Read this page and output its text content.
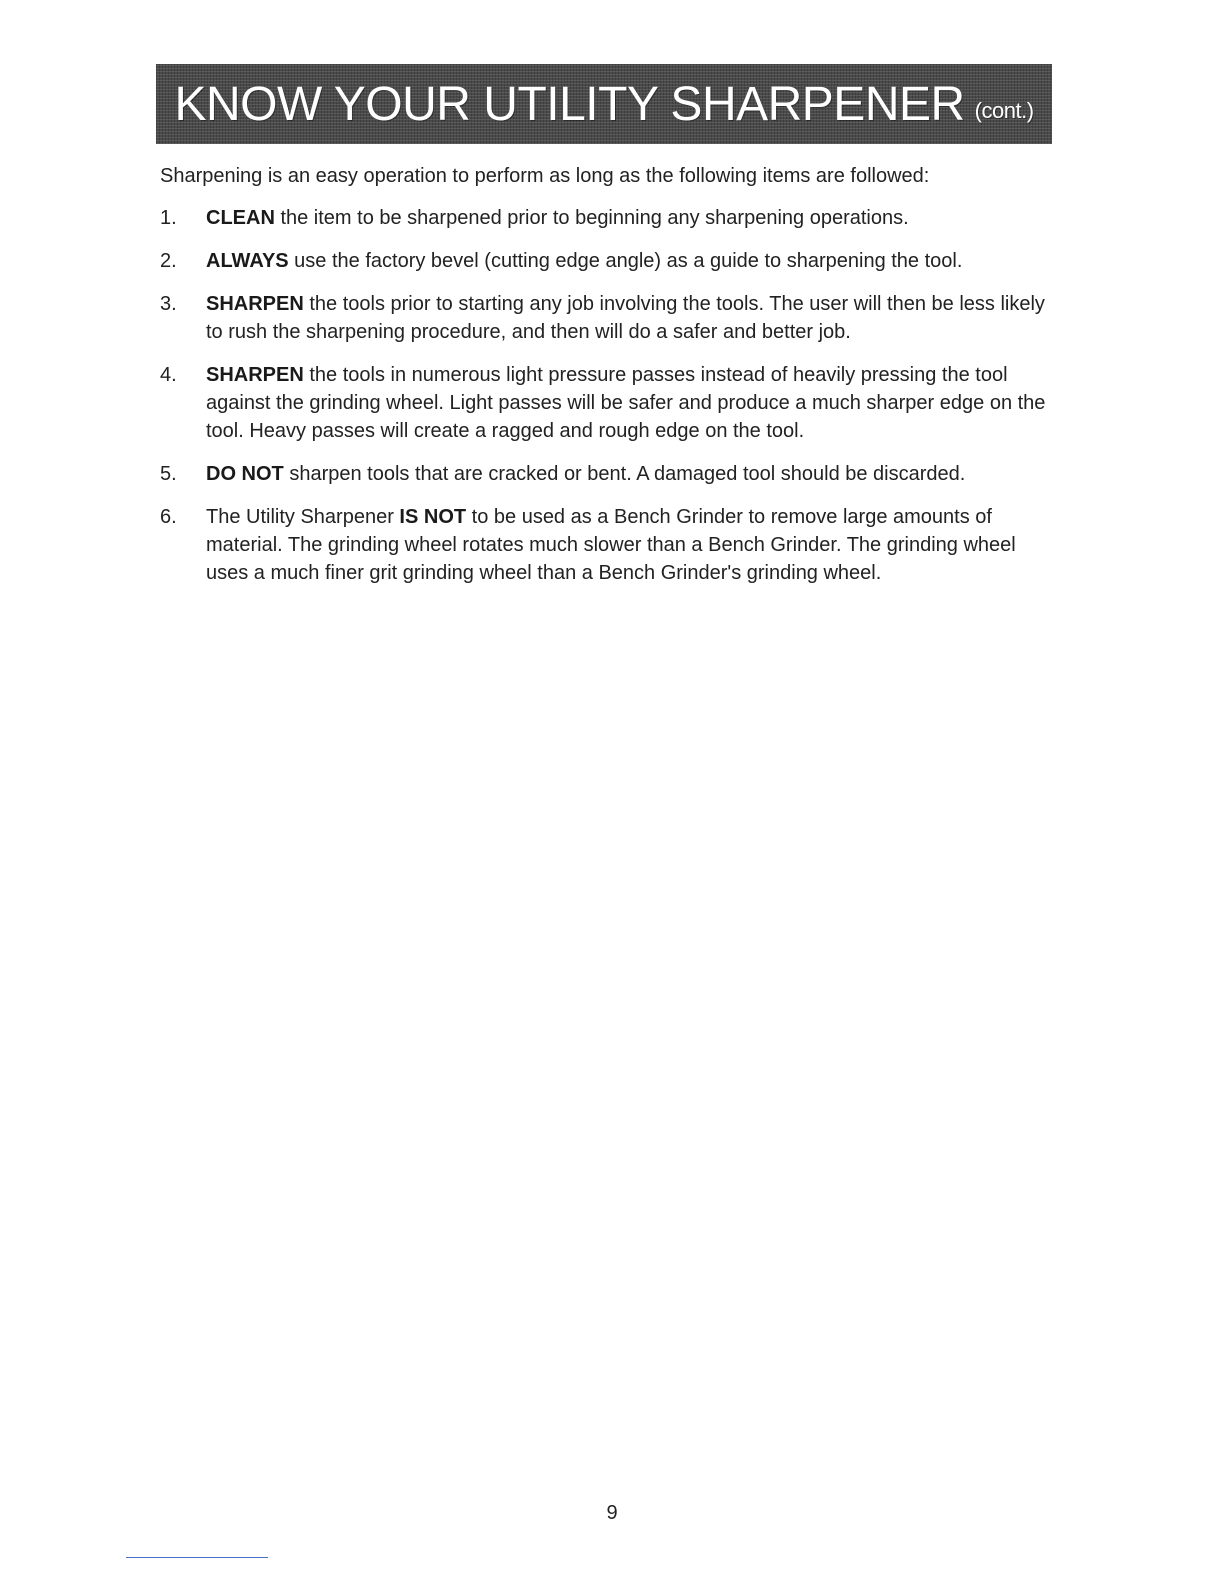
KNOW YOUR UTILITY SHARPENER (cont.)

Sharpening is an easy operation to perform as long as the following items are followed:

1. CLEAN the item to be sharpened prior to beginning any sharpening operations.
2. ALWAYS use the factory bevel (cutting edge angle) as a guide to sharpening the tool.
3. SHARPEN the tools prior to starting any job involving the tools. The user will then be less likely to rush the sharpening procedure, and then will do a safer and better job.
4. SHARPEN the tools in numerous light pressure passes instead of heavily pressing the tool against the grinding wheel. Light passes will be safer and produce a much sharper edge on the tool. Heavy passes will create a ragged and rough edge on the tool.
5. DO NOT sharpen tools that are cracked or bent. A damaged tool should be discarded.
6. The Utility Sharpener IS NOT to be used as a Bench Grinder to remove large amounts of material. The grinding wheel rotates much slower than a Bench Grinder. The grinding wheel uses a much finer grit grinding wheel than a Bench Grinder's grinding wheel.
9
